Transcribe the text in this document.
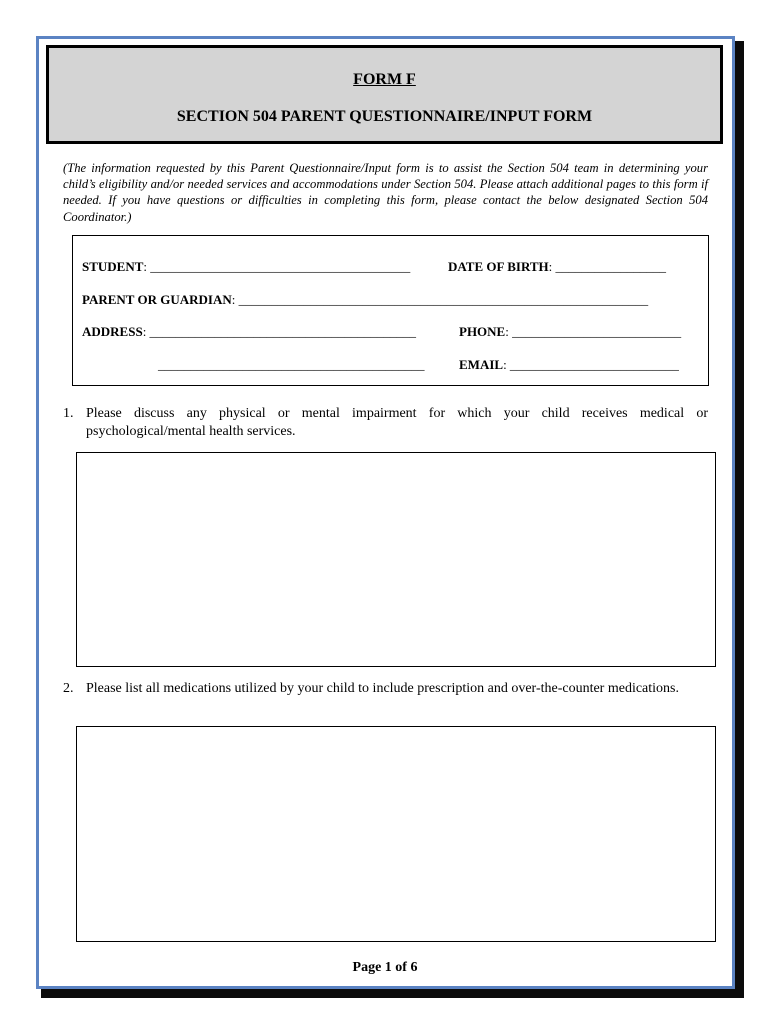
FORM F
SECTION 504 PARENT QUESTIONNAIRE/INPUT FORM
(The information requested by this Parent Questionnaire/Input form is to assist the Section 504 team in determining your child’s eligibility and/or needed services and accommodations under Section 504. Please attach additional pages to this form if needed. If you have questions or difficulties in completing this form, please contact the below designated Section 504 Coordinator.)
STUDENT: ________________________________________	DATE OF BIRTH: _________________
PARENT OR GUARDIAN: _______________________________________________________________
ADDRESS: _________________________________________	PHONE: __________________________
_________________________________________	EMAIL: __________________________
1. Please discuss any physical or mental impairment for which your child receives medical or psychological/mental health services.
2. Please list all medications utilized by your child to include prescription and over-the-counter medications.
Page 1 of 6
